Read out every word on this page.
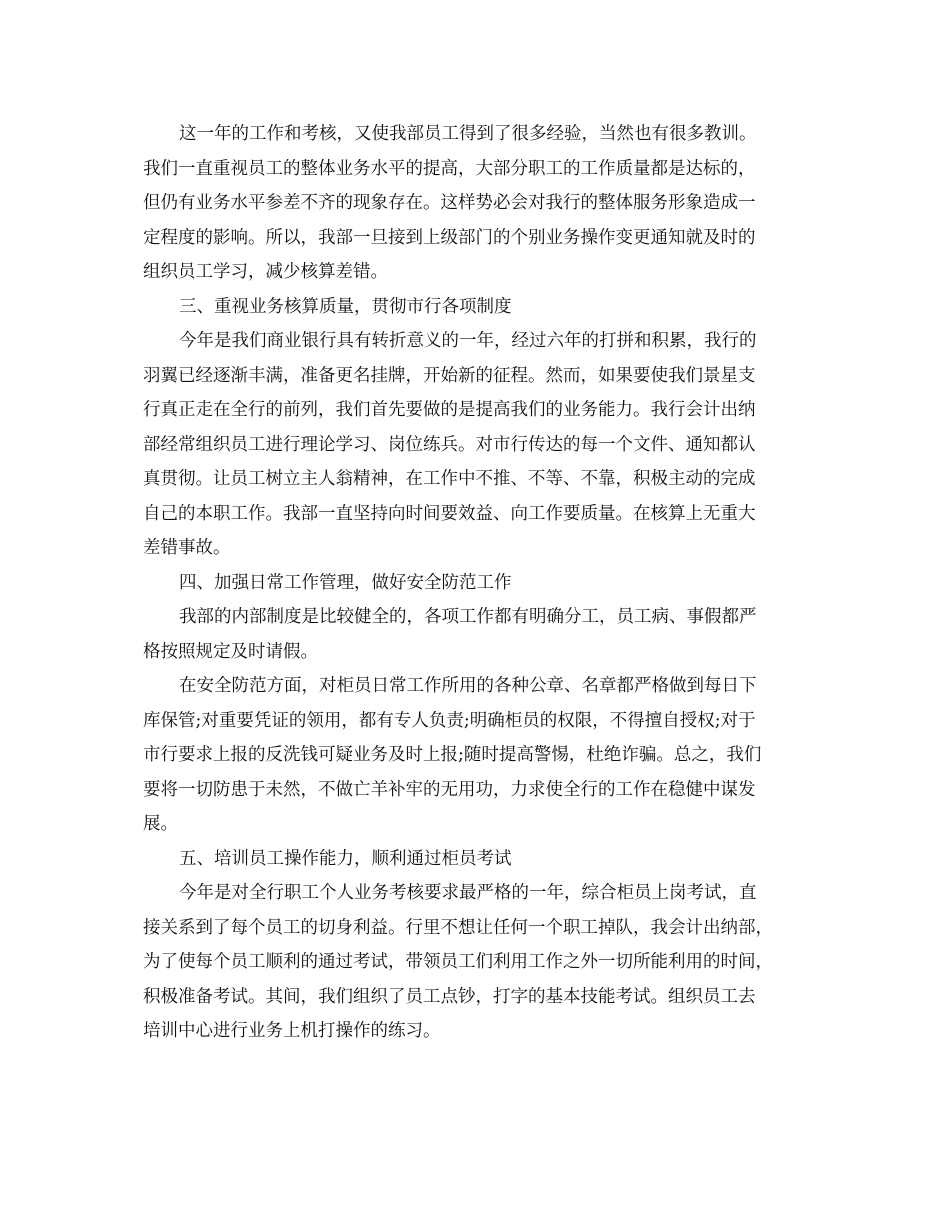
这一年的工作和考核，又使我部员工得到了很多经验，当然也有很多教训。
我们一直重视员工的整体业务水平的提高，大部分职工的工作质量都是达标的，
但仍有业务水平参差不齐的现象存在。这样势必会对我行的整体服务形象造成一
定程度的影响。所以，我部一旦接到上级部门的个别业务操作变更通知就及时的
组织员工学习，减少核算差错。
三、重视业务核算质量，贯彻市行各项制度
今年是我们商业银行具有转折意义的一年，经过六年的打拼和积累，我行的
羽翼已经逐渐丰满，准备更名挂牌，开始新的征程。然而，如果要使我们景星支
行真正走在全行的前列，我们首先要做的是提高我们的业务能力。我行会计出纳
部经常组织员工进行理论学习、岗位练兵。对市行传达的每一个文件、通知都认
真贯彻。让员工树立主人翁精神，在工作中不推、不等、不靠，积极主动的完成
自己的本职工作。我部一直坚持向时间要效益、向工作要质量。在核算上无重大
差错事故。
四、加强日常工作管理，做好安全防范工作
我部的内部制度是比较健全的，各项工作都有明确分工，员工病、事假都严
格按照规定及时请假。
在安全防范方面，对柜员日常工作所用的各种公章、名章都严格做到每日下
库保管;对重要凭证的领用，都有专人负责;明确柜员的权限，不得擅自授权;对于
市行要求上报的反洗钱可疑业务及时上报;随时提高警惕，杜绝诈骗。总之，我们
要将一切防患于未然，不做亡羊补牢的无用功，力求使全行的工作在稳健中谋发
展。
五、培训员工操作能力，顺利通过柜员考试
今年是对全行职工个人业务考核要求最严格的一年，综合柜员上岗考试，直
接关系到了每个员工的切身利益。行里不想让任何一个职工掉队，我会计出纳部，
为了使每个员工顺利的通过考试，带领员工们利用工作之外一切所能利用的时间，
积极准备考试。其间，我们组织了员工点钞，打字的基本技能考试。组织员工去
培训中心进行业务上机打操作的练习。
